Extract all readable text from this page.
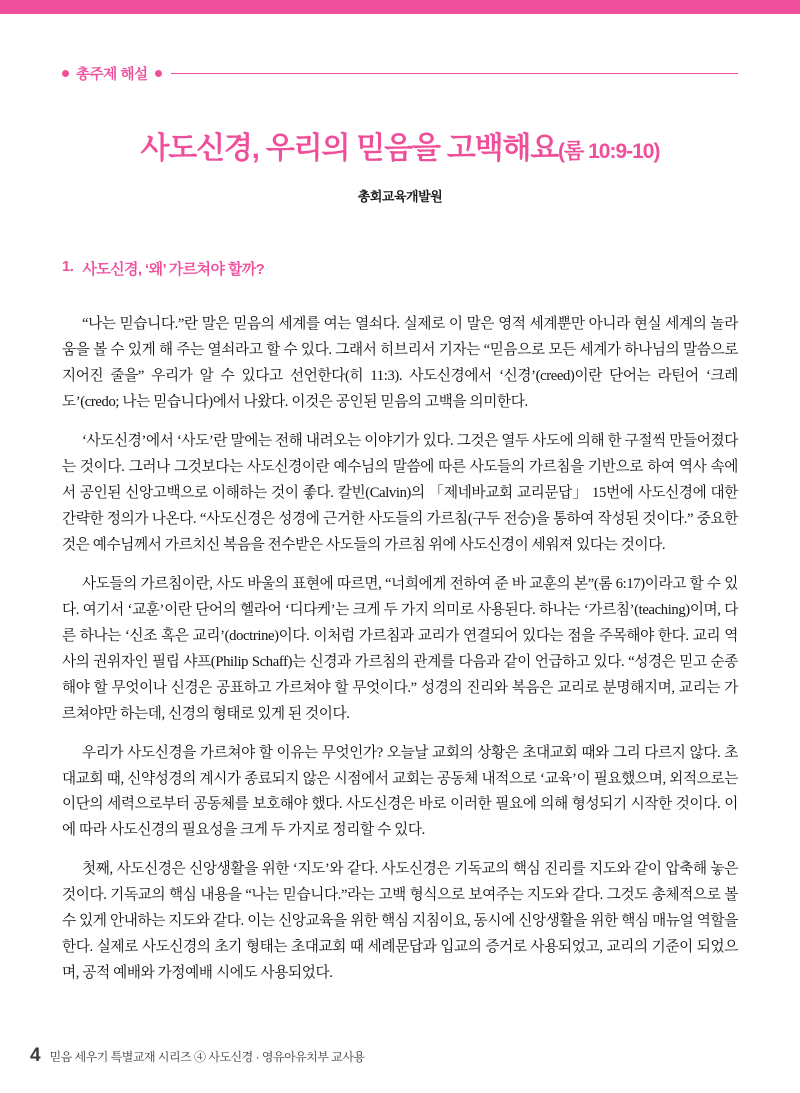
총주제 해설
사도신경, 우리의 믿음을 고백해요(롬 10:9-10)
총회교육개발원
1. 사도신경, ‘왜’ 가르쳐야 할까?

“나는 믿습니다.”란 말은 믿음의 세계를 여는 열쇠다. 실제로 이 말은 영적 세계뿐만 아니라 현실 세계의 놀라움을 볼 수 있게 해 주는 열쇠라고 할 수 있다. 그래서 히브리서 기자는 “믿음으로 모든 세계가 하나님의 말씀으로 지어진 줄을” 우리가 알 수 있다고 선언한다(히 11:3). 사도신경에서 ‘신경’(creed)이란 단어는 라틴어 ‘크레도’(credo; 나는 믿습니다)에서 나왔다. 이것은 공인된 믿음의 고백을 의미한다.

‘사도신경’에서 ‘사도’란 말에는 전해 내려오는 이야기가 있다. 그것은 열두 사도에 의해 한 구절씩 만들어졌다는 것이다. 그러나 그것보다는 사도신경이란 예수님의 말씀에 따른 사도들의 가르침을 기반으로 하여 역사 속에서 공인된 신앙고백으로 이해하는 것이 좋다. 칼빈(Calvin)의 「제네바교회 교리문답」 15번에 사도신경에 대한 간략한 정의가 나온다. “사도신경은 성경에 근거한 사도들의 가르침(구두 전승)을 통하여 작성된 것이다.” 중요한 것은 예수님께서 가르치신 복음을 전수받은 사도들의 가르침 위에 사도신경이 세워져 있다는 것이다.

사도들의 가르침이란, 사도 바울의 표현에 따르면, “너희에게 전하여 준 바 교훈의 본”(롬 6:17)이라고 할 수 있다. 여기서 ‘교훈’이란 단어의 헬라어 ‘디다케’는 크게 두 가지 의미로 사용된다. 하나는 ‘가르침’(teaching)이며, 다른 하나는 ‘신조 혹은 교리’(doctrine)이다. 이처럼 가르침과 교리가 연결되어 있다는 점을 주목해야 한다. 교리 역사의 권위자인 필립 샤프(Philip Schaff)는 신경과 가르침의 관계를 다음과 같이 언급하고 있다. “성경은 믿고 순종해야 할 무엇이나 신경은 공표하고 가르쳐야 할 무엇이다.” 성경의 진리와 복음은 교리로 분명해지며, 교리는 가르쳐야만 하는데, 신경의 형태로 있게 된 것이다.

우리가 사도신경을 가르쳐야 할 이유는 무엇인가? 오늘날 교회의 상황은 초대교회 때와 그리 다르지 않다. 초대교회 때, 신약성경의 계시가 종료되지 않은 시점에서 교회는 공동체 내적으로 ‘교육’이 필요했으며, 외적으로는 이단의 세력으로부터 공동체를 보호해야 했다. 사도신경은 바로 이러한 필요에 의해 형성되기 시작한 것이다. 이에 따라 사도신경의 필요성을 크게 두 가지로 정리할 수 있다.

첫째, 사도신경은 신앙생활을 위한 ‘지도’와 같다. 사도신경은 기독교의 핵심 진리를 지도와 같이 압축해 놓은 것이다. 기독교의 핵심 내용을 “나는 믿습니다.”라는 고백 형식으로 보여주는 지도와 같다. 그것도 총체적으로 볼 수 있게 안내하는 지도와 같다. 이는 신앙교육을 위한 핵심 지침이요, 동시에 신앙생활을 위한 핵심 매뉴얼 역할을 한다. 실제로 사도신경의 초기 형태는 초대교회 때 세례문답과 입교의 증거로 사용되었고, 교리의 기준이 되었으며, 공적 예배와 가정예배 시에도 사용되었다.

4 믿음 세우기 특별교재 시리즈 ④ 사도신경 · 영유아유치부 교사용
